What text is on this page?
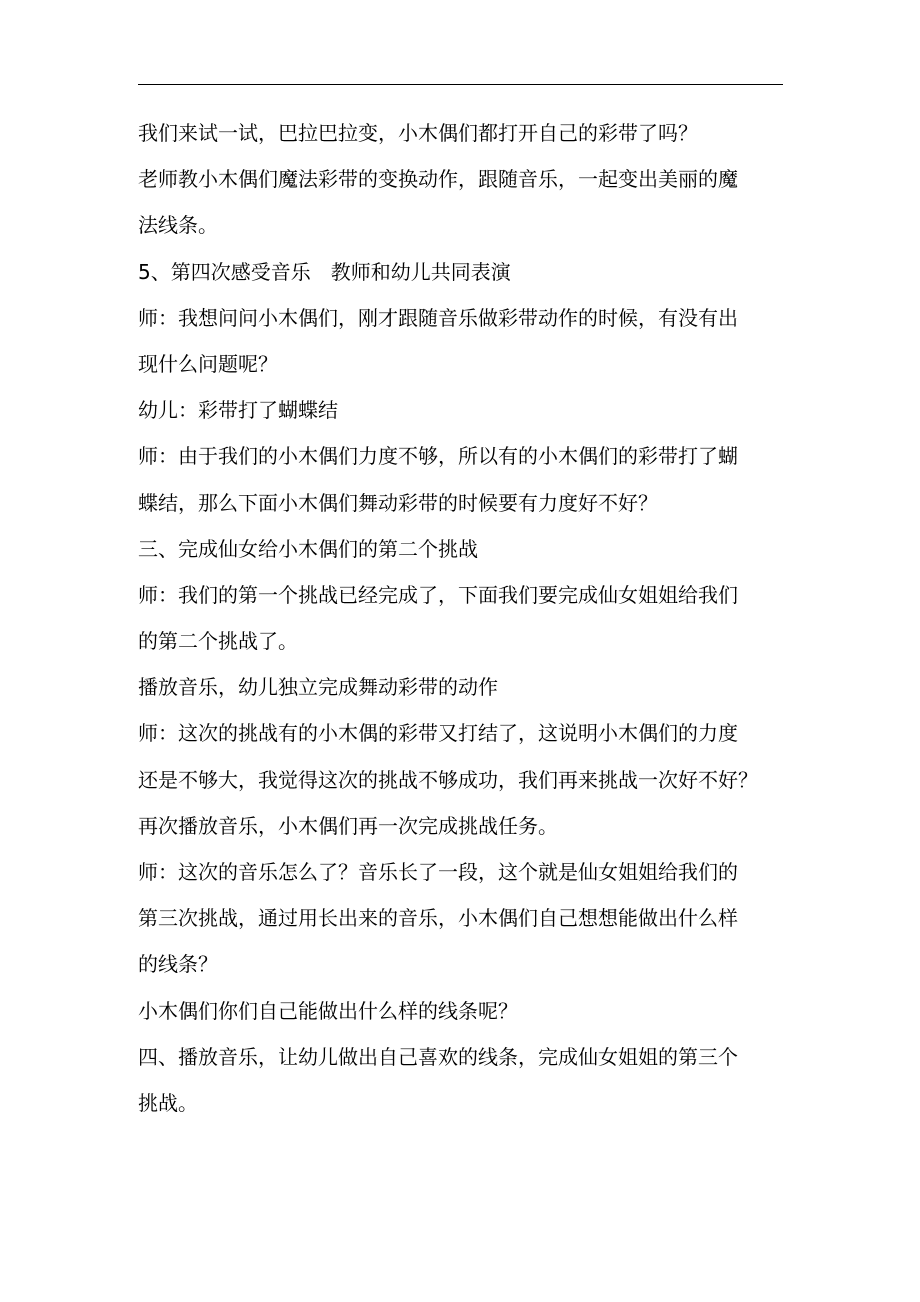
我们来试一试，巴拉巴拉变，小木偶们都打开自己的彩带了吗？
老师教小木偶们魔法彩带的变换动作，跟随音乐，一起变出美丽的魔
法线条。
5、第四次感受音乐　教师和幼儿共同表演
师：我想问问小木偶们，刚才跟随音乐做彩带动作的时候，有没有出
现什么问题呢？
幼儿：彩带打了蝴蝶结
师：由于我们的小木偶们力度不够，所以有的小木偶们的彩带打了蝴
蝶结，那么下面小木偶们舞动彩带的时候要有力度好不好？
三、完成仙女给小木偶们的第二个挑战
师：我们的第一个挑战已经完成了，下面我们要完成仙女姐姐给我们
的第二个挑战了。
播放音乐，幼儿独立完成舞动彩带的动作
师：这次的挑战有的小木偶的彩带又打结了，这说明小木偶们的力度
还是不够大，我觉得这次的挑战不够成功，我们再来挑战一次好不好？
再次播放音乐，小木偶们再一次完成挑战任务。
师：这次的音乐怎么了？音乐长了一段，这个就是仙女姐姐给我们的
第三次挑战，通过用长出来的音乐，小木偶们自己想想能做出什么样
的线条？
小木偶们你们自己能做出什么样的线条呢？
四、播放音乐，让幼儿做出自己喜欢的线条，完成仙女姐姐的第三个
挑战。
